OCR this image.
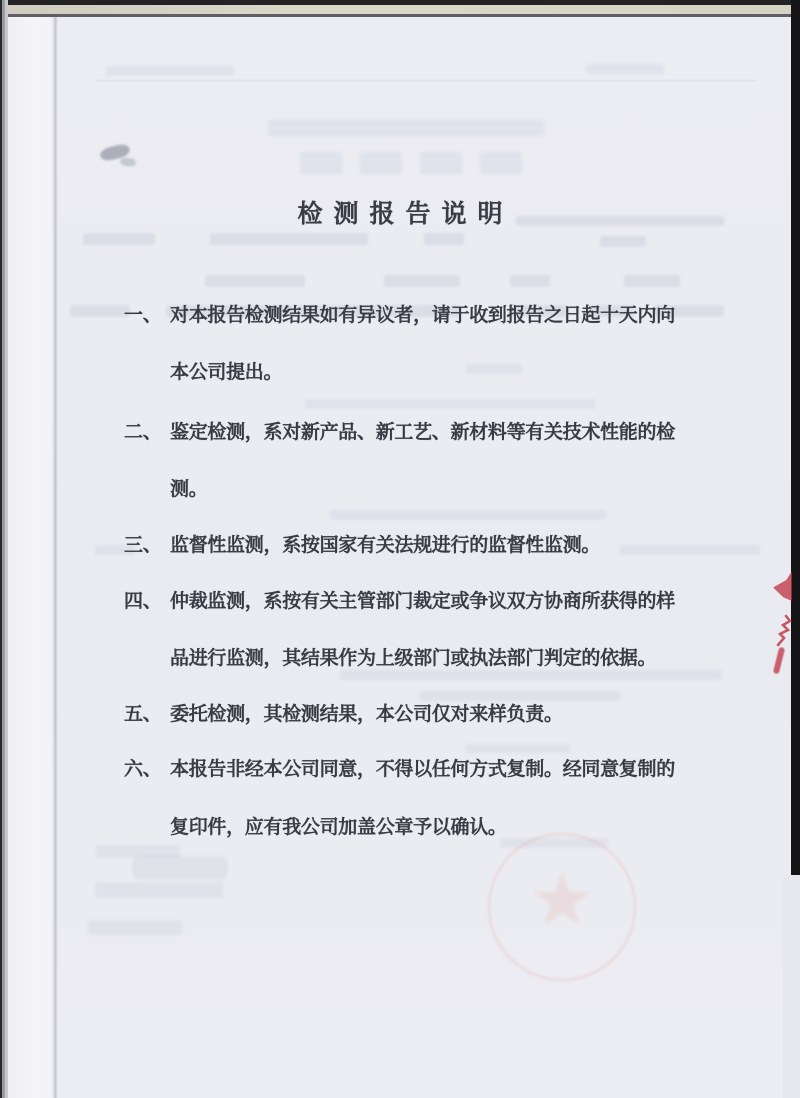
★
检测报告说明
一、 对本报告检测结果如有异议者，请于收到报告之日起十天内向
本公司提出。
二、 鉴定检测，系对新产品、新工艺、新材料等有关技术性能的检
测。
三、 监督性监测，系按国家有关法规进行的监督性监测。
四、 仲裁监测，系按有关主管部门裁定或争议双方协商所获得的样
品进行监测，其结果作为上级部门或执法部门判定的依据。
五、 委托检测，其检测结果，本公司仅对来样负责。
六、 本报告非经本公司同意，不得以任何方式复制。经同意复制的
复印件，应有我公司加盖公章予以确认。
